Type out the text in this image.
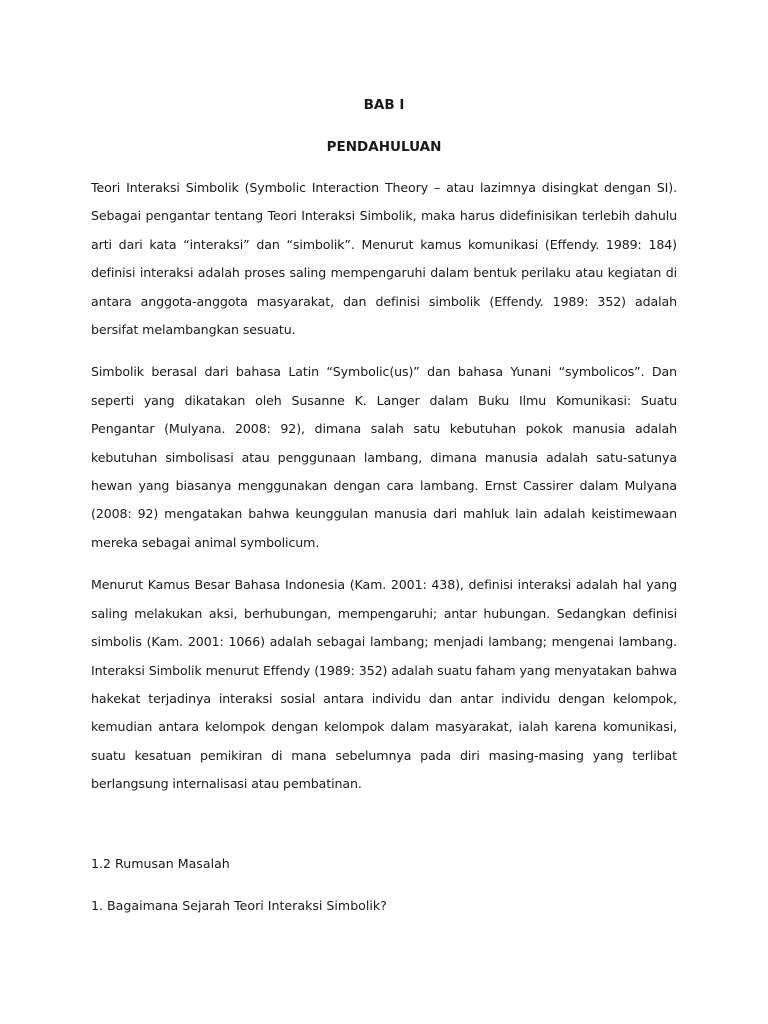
BAB I
PENDAHULUAN

Teori Interaksi Simbolik (Symbolic Interaction Theory – atau lazimnya disingkat dengan SI). Sebagai pengantar tentang Teori Interaksi Simbolik, maka harus didefinisikan terlebih dahulu arti dari kata “interaksi” dan “simbolik”. Menurut kamus komunikasi (Effendy. 1989: 184) definisi interaksi adalah proses saling mempengaruhi dalam bentuk perilaku atau kegiatan di antara anggota-anggota masyarakat, dan definisi simbolik (Effendy. 1989: 352) adalah bersifat melambangkan sesuatu.

Simbolik berasal dari bahasa Latin “Symbolic(us)” dan bahasa Yunani “symbolicos”. Dan seperti yang dikatakan oleh Susanne K. Langer dalam Buku Ilmu Komunikasi: Suatu Pengantar (Mulyana. 2008: 92), dimana salah satu kebutuhan pokok manusia adalah kebutuhan simbolisasi atau penggunaan lambang, dimana manusia adalah satu-satunya hewan yang biasanya menggunakan dengan cara lambang. Ernst Cassirer dalam Mulyana (2008: 92) mengatakan bahwa keunggulan manusia dari mahluk lain adalah keistimewaan mereka sebagai animal symbolicum.

Menurut Kamus Besar Bahasa Indonesia (Kam. 2001: 438), definisi interaksi adalah hal yang saling melakukan aksi, berhubungan, mempengaruhi; antar hubungan. Sedangkan definisi simbolis (Kam. 2001: 1066) adalah sebagai lambang; menjadi lambang; mengenai lambang. Interaksi Simbolik menurut Effendy (1989: 352) adalah suatu faham yang menyatakan bahwa hakekat terjadinya interaksi sosial antara individu dan antar individu dengan kelompok, kemudian antara kelompok dengan kelompok dalam masyarakat, ialah karena komunikasi, suatu kesatuan pemikiran di mana sebelumnya pada diri masing-masing yang terlibat berlangsung internalisasi atau pembatinan.

1.2 Rumusan Masalah

1. Bagaimana Sejarah Teori Interaksi Simbolik?
